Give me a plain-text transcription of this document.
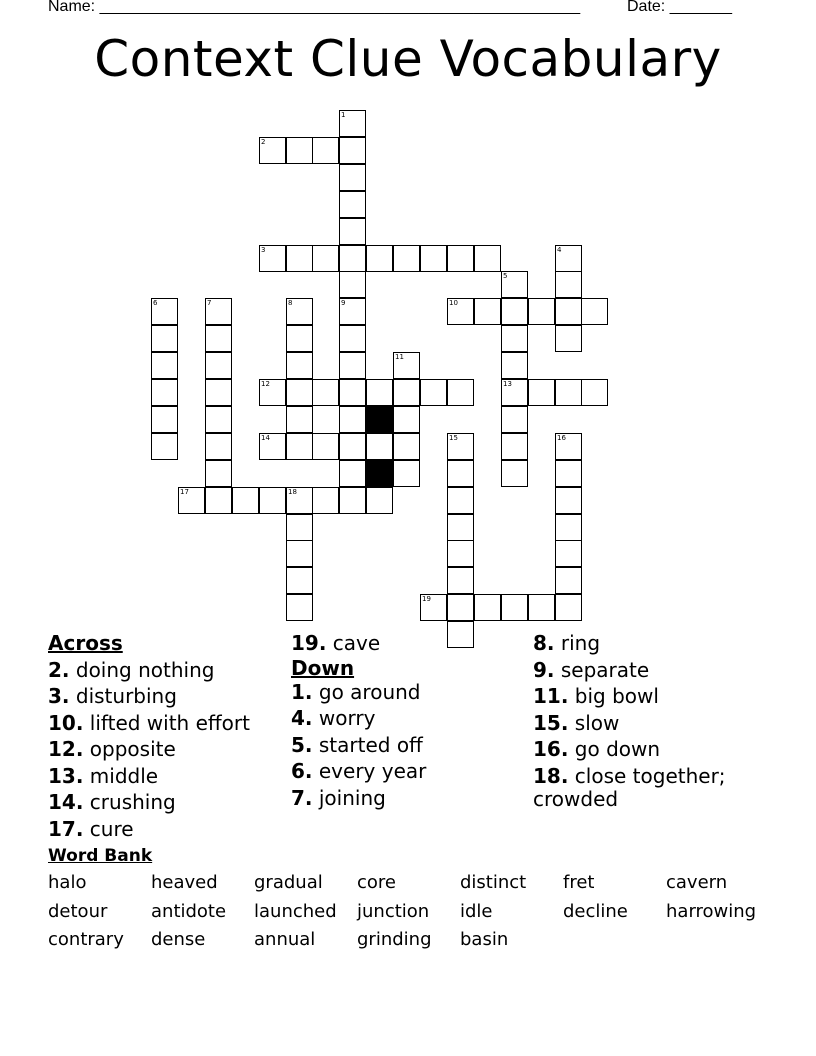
Name: ______________________________________________________	Date: _______
Context Clue Vocabulary
2
3
10
12	13
14
17	18
19
1
4
5
6	7	8	9
11
15	16
Across
2. doing nothing
3. disturbing
10. lifted with effort
12. opposite
13. middle
14. crushing
17. cure
19. cave
Down
1. go around
4. worry
5. started off
6. every year
7. joining
8. ring
9. separate
11. big bowl
15. slow
16. go down
18. close together;
crowded
Word Bank
halo	heaved gradual core	distinct fret	cavern
detour antidote launched junction idle	decline harrowing
contrary dense	annual grinding basin
